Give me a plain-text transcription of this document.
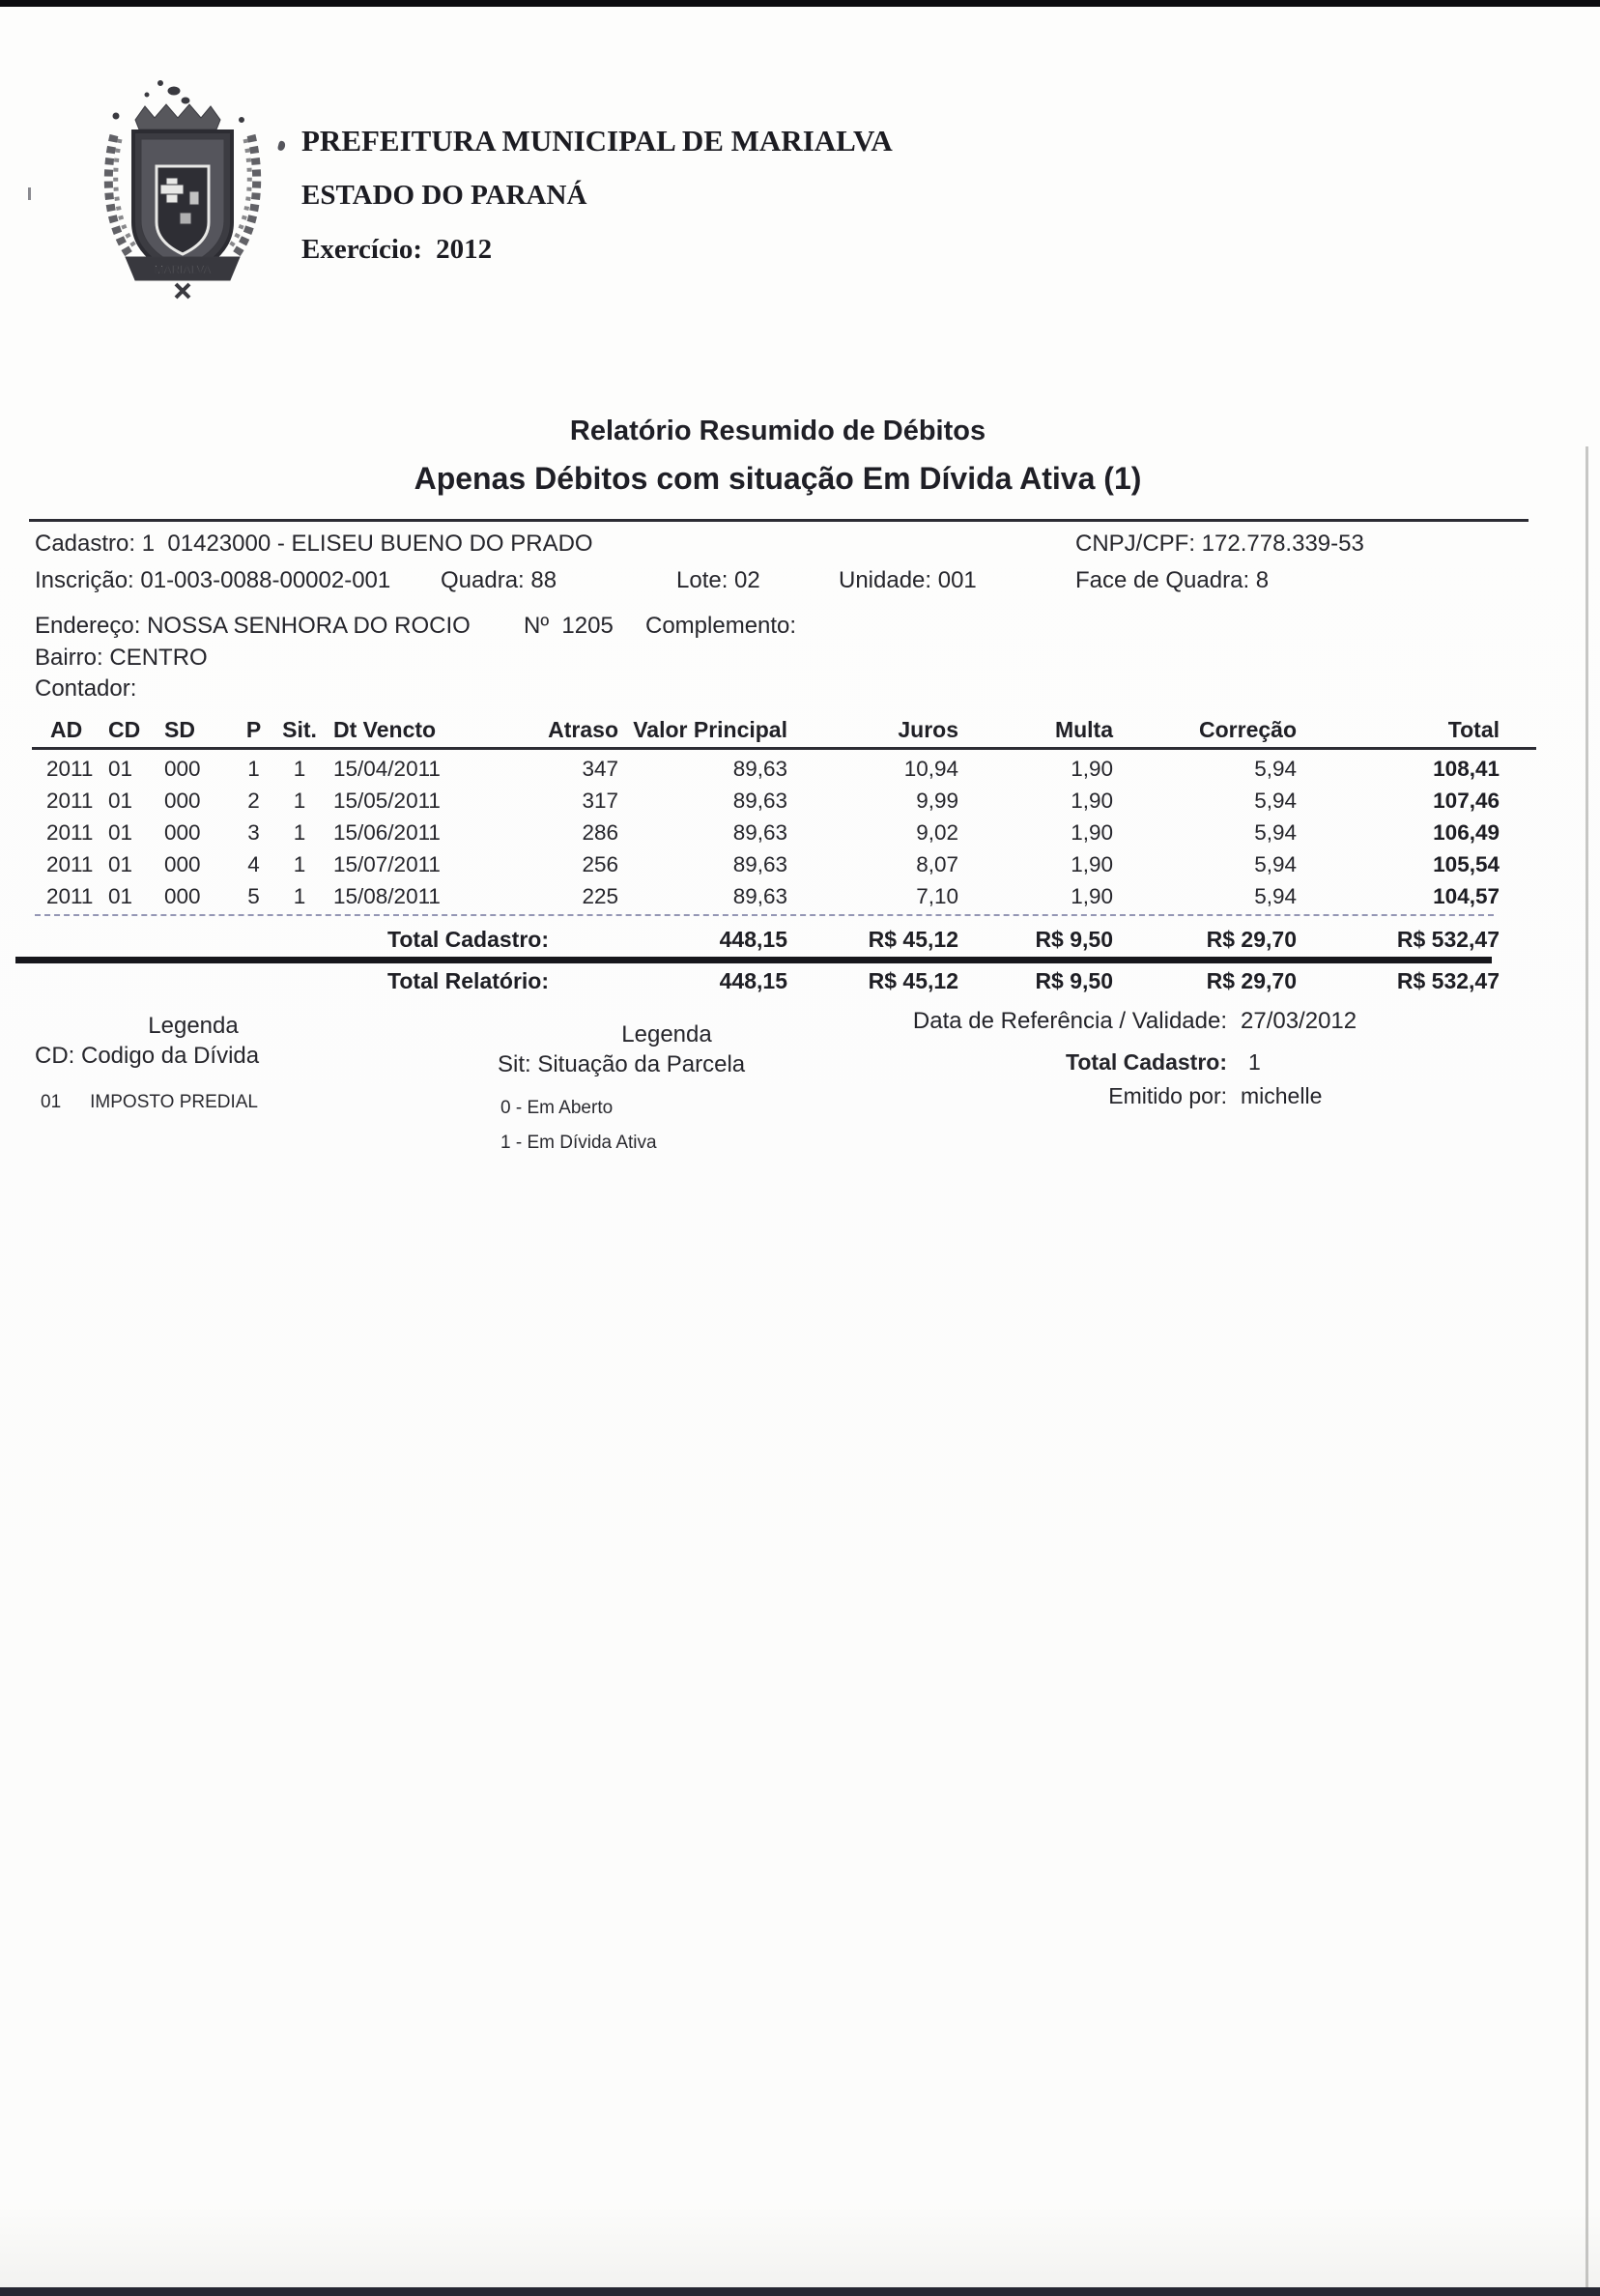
MARIALVA
PREFEITURA MUNICIPAL DE MARIALVA
ESTADO DO PARANÁ
Exercício: 2012
Relatório Resumido de Débitos
Apenas Débitos com situação Em Dívida Ativa (1)
Cadastro: 1  01423000 - ELISEU BUENO DO PRADO	CNPJ/CPF: 172.778.339-53
Inscrição: 01-003-0088-00002-001 Quadra: 88	Lote: 02	Unidade: 001	Face de Quadra: 8
Endereço: NOSSA SENHORA DO ROCIO Nº  1205 Complemento:
Bairro: CENTRO
Contador:
AD	CD	SD	P Sit. Dt Vencto	Atraso Valor Principal	Juros	Multa	Correção	Total
2011 01	000	1	1	15/04/2011	347	89,63	10,94	1,90	5,94	108,41
2011 01	000	2	1	15/05/2011	317	89,63	9,99	1,90	5,94	107,46
2011 01	000	3	1	15/06/2011	286	89,63	9,02	1,90	5,94	106,49
2011 01	000	4	1	15/07/2011	256	89,63	8,07	1,90	5,94	105,54
2011 01	000	5	1	15/08/2011	225	89,63	7,10	1,90	5,94	104,57
Total Cadastro:	448,15	R$ 45,12	R$ 9,50	R$ 29,70	R$ 532,47
Total Relatório:	448,15	R$ 45,12	R$ 9,50	R$ 29,70	R$ 532,47
Legenda
CD: Codigo da Dívida
01 IMPOSTO PREDIAL
Legenda
Sit: Situação da Parcela
0 - Em Aberto
1 - Em Dívida Ativa
Data de Referência / Validade: 27/03/2012
Total Cadastro: 1
Emitido por: michelle
